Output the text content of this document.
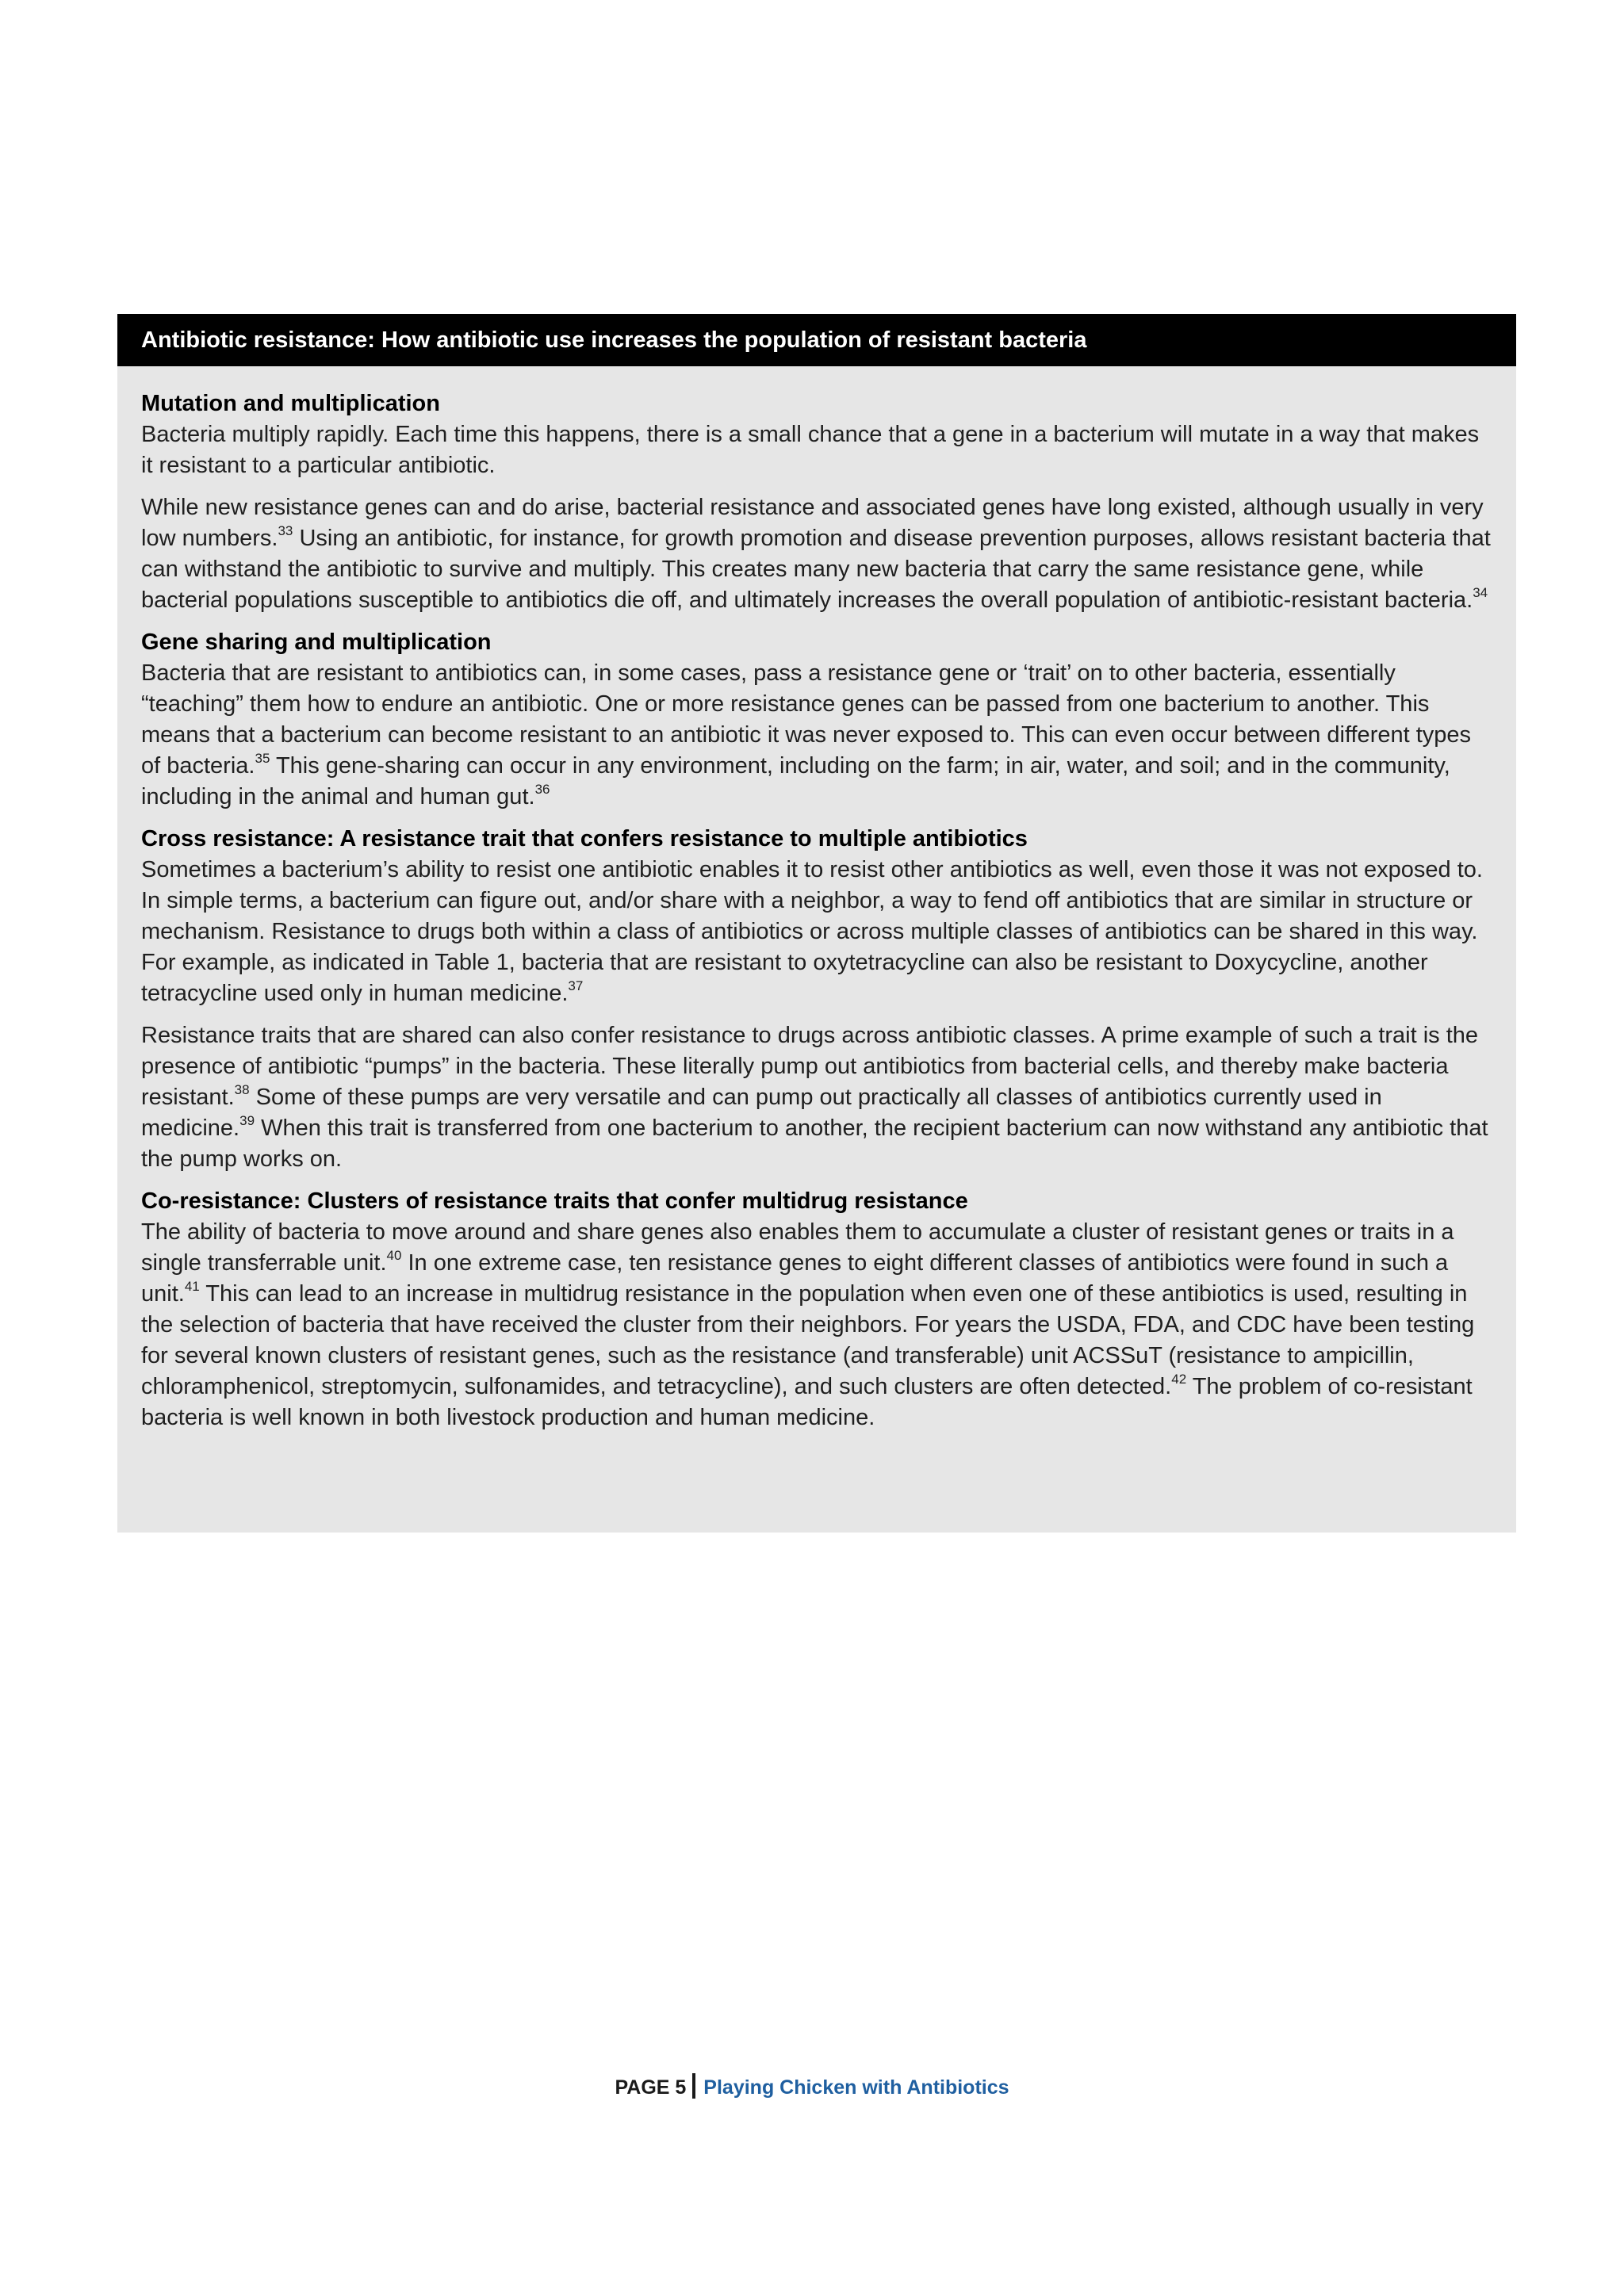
Antibiotic resistance: How antibiotic use increases the population of resistant bacteria

Mutation and multiplication

Bacteria multiply rapidly. Each time this happens, there is a small chance that a gene in a bacterium will mutate in a way that makes it resistant to a particular antibiotic.

While new resistance genes can and do arise, bacterial resistance and associated genes have long existed, although usually in very low numbers.$^{33}$ Using an antibiotic, for instance, for growth promotion and disease prevention purposes, allows resistant bacteria that can withstand the antibiotic to survive and multiply. This creates many new bacteria that carry the same resistance gene, while bacterial populations susceptible to antibiotics die off, and ultimately increases the overall population of antibiotic-resistant bacteria.$^{34}$

Gene sharing and multiplication

Bacteria that are resistant to antibiotics can, in some cases, pass a resistance gene or ‘trait’ on to other bacteria, essentially “teaching” them how to endure an antibiotic. One or more resistance genes can be passed from one bacterium to another. This means that a bacterium can become resistant to an antibiotic it was never exposed to. This can even occur between different types of bacteria.$^{35}$ This gene-sharing can occur in any environment, including on the farm; in air, water, and soil; and in the community, including in the animal and human gut.$^{36}$

Cross resistance: A resistance trait that confers resistance to multiple antibiotics

Sometimes a bacterium’s ability to resist one antibiotic enables it to resist other antibiotics as well, even those it was not exposed to. In simple terms, a bacterium can figure out, and/or share with a neighbor, a way to fend off antibiotics that are similar in structure or mechanism. Resistance to drugs both within a class of antibiotics or across multiple classes of antibiotics can be shared in this way. For example, as indicated in Table 1, bacteria that are resistant to oxytetracycline can also be resistant to Doxycycline, another tetracycline used only in human medicine.$^{37}$

Resistance traits that are shared can also confer resistance to drugs across antibiotic classes. A prime example of such a trait is the presence of antibiotic “pumps” in the bacteria. These literally pump out antibiotics from bacterial cells, and thereby make bacteria resistant.$^{38}$ Some of these pumps are very versatile and can pump out practically all classes of antibiotics currently used in medicine.$^{39}$ When this trait is transferred from one bacterium to another, the recipient bacterium can now withstand any antibiotic that the pump works on.

Co-resistance: Clusters of resistance traits that confer multidrug resistance

The ability of bacteria to move around and share genes also enables them to accumulate a cluster of resistant genes or traits in a single transferrable unit.$^{40}$ In one extreme case, ten resistance genes to eight different classes of antibiotics were found in such a unit.$^{41}$ This can lead to an increase in multidrug resistance in the population when even one of these antibiotics is used, resulting in the selection of bacteria that have received the cluster from their neighbors. For years the USDA, FDA, and CDC have been testing for several known clusters of resistant genes, such as the resistance (and transferable) unit ACSSuT (resistance to ampicillin, chloramphenicol, streptomycin, sulfonamides, and tetracycline), and such clusters are often detected.$^{42}$ The problem of co-resistant bacteria is well known in both livestock production and human medicine.

PAGE 5 Playing Chicken with Antibiotics
